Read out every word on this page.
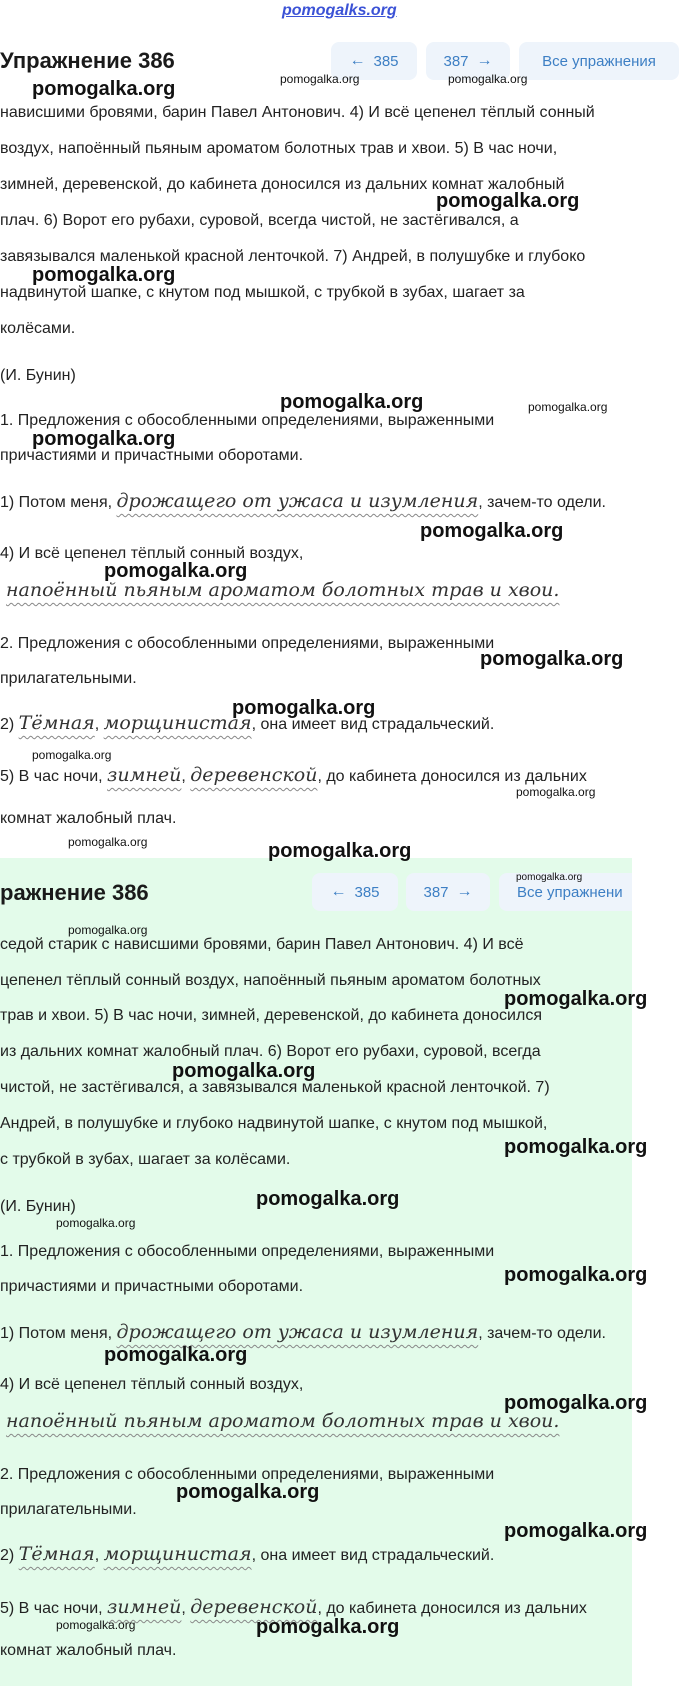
pomogalks.org
Упражнение 386	← 385	387 →	Все упражнения
нависшими бровями, барин Павел Антонович. 4) И всё цепенел тёплый сонный
воздух, напоённый пьяным ароматом болотных трав и хвои. 5) В час ночи,
зимней, деревенской, до кабинета доносился из дальних комнат жалобный
плач. 6) Ворот его рубахи, суровой, всегда чистой, не застёгивался, а
завязывался маленькой красной ленточкой. 7) Андрей, в полушубке и глубоко
надвинутой шапке, с кнутом под мышкой, с трубкой в зубах, шагает за
колёсами.
(И. Бунин)
1. Предложения с обособленными определениями, выраженными
причастиями и причастными оборотами.
1) Потом меня, дрожащего от ужаса и изумления, зачем-то одели.
4) И всё цепенел тёплый сонный воздух,
напоённый пьяным ароматом болотных трав и хвои.
2. Предложения с обособленными определениями, выраженными
прилагательными.
2) Тёмная, морщинистая, она имеет вид страдальческий.
5) В час ночи, зимней, деревенской, до кабинета доносился из дальних
комнат жалобный плач.
ражнение 386	← 385	387 →	Все упражнени
седой старик с нависшими бровями, барин Павел Антонович. 4) И всё
цепенел тёплый сонный воздух, напоённый пьяным ароматом болотных
трав и хвои. 5) В час ночи, зимней, деревенской, до кабинета доносился
из дальних комнат жалобный плач. 6) Ворот его рубахи, суровой, всегда
чистой, не застёгивался, а завязывался маленькой красной ленточкой. 7)
Андрей, в полушубке и глубоко надвинутой шапке, с кнутом под мышкой,
с трубкой в зубах, шагает за колёсами.
(И. Бунин)
1. Предложения с обособленными определениями, выраженными
причастиями и причастными оборотами.
1) Потом меня, дрожащего от ужаса и изумления, зачем-то одели.
4) И всё цепенел тёплый сонный воздух,
напоённый пьяным ароматом болотных трав и хвои.
2. Предложения с обособленными определениями, выраженными
прилагательными.
2) Тёмная, морщинистая, она имеет вид страдальческий.
5) В час ночи, зимней, деревенской, до кабинета доносился из дальних
комнат жалобный плач.
pomogalka.org	pomogalka.org	pomogalka.org
pomogalka.org
pomogalka.org
pomogalka.org	pomogalka.org
pomogalka.org
pomogalka.org
pomogalka.org
pomogalka.org
pomogalka.org
pomogalka.org
pomogalka.org
pomogalka.org	pomogalka.org
pomogalka.org
pomogalka.org
pomogalka.org
pomogalka.org
pomogalka.org
pomogalka.org
pomogalka.org
pomogalka.org
pomogalka.org
pomogalka.org
pomogalka.org
pomogalka.org
pomogalka.org	pomogalka.org
